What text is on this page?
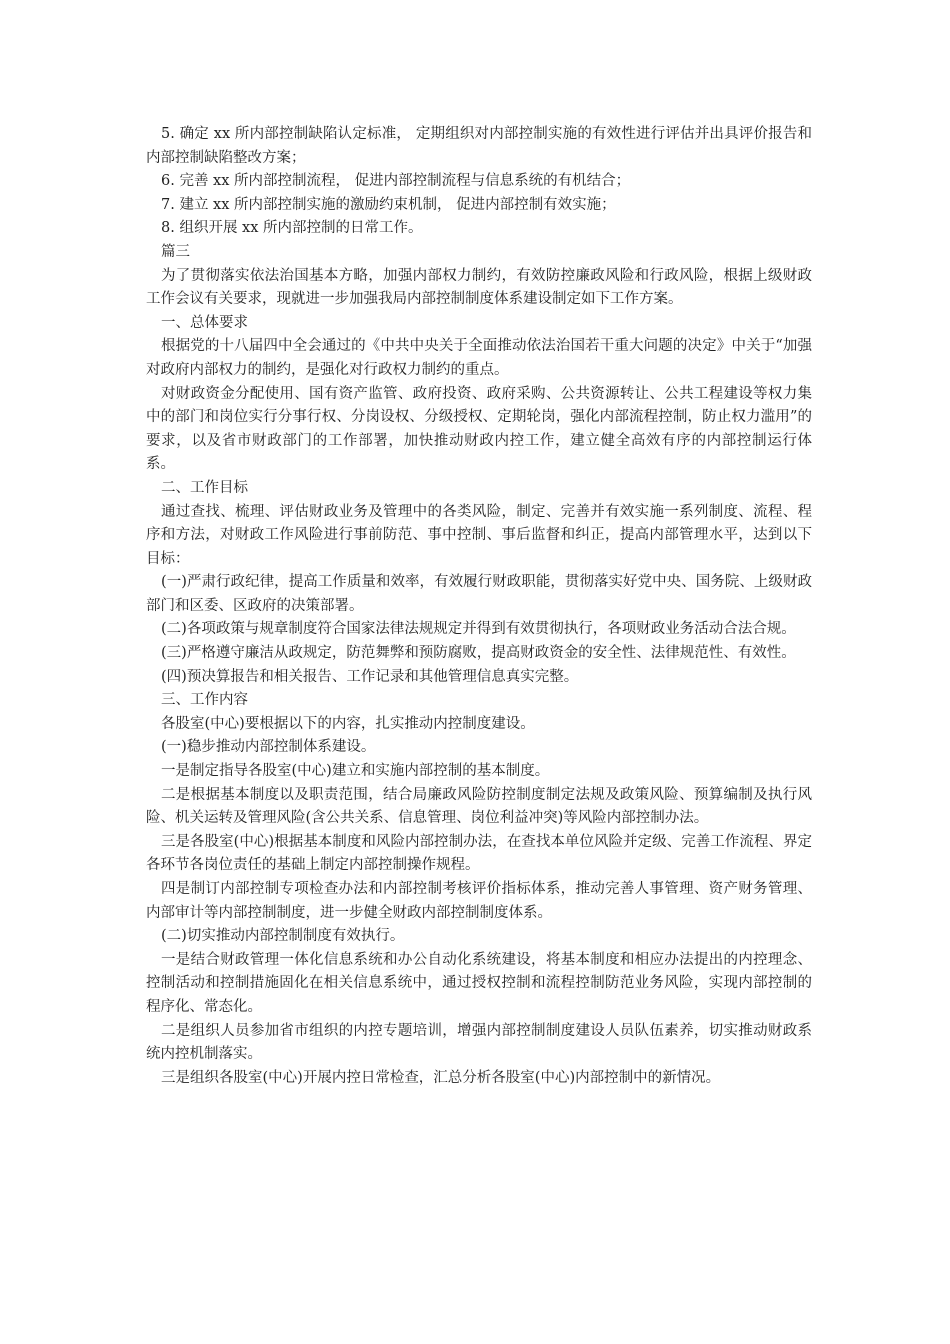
5. 确定 xx 所内部控制缺陷认定标准， 定期组织对内部控制实施的有效性进行评估并出具评价报告和内部控制缺陷整改方案；

6. 完善 xx 所内部控制流程， 促进内部控制流程与信息系统的有机结合；

7. 建立 xx 所内部控制实施的激励约束机制， 促进内部控制有效实施；

8. 组织开展 xx 所内部控制的日常工作。

篇三

为了贯彻落实依法治国基本方略，加强内部权力制约，有效防控廉政风险和行政风险，根据上级财政工作会议有关要求，现就进一步加强我局内部控制制度体系建设制定如下工作方案。

一、总体要求

根据党的十八届四中全会通过的《中共中央关于全面推动依法治国若干重大问题的决定》中关于“加强对政府内部权力的制约，是强化对行政权力制约的重点。

对财政资金分配使用、国有资产监管、政府投资、政府采购、公共资源转让、公共工程建设等权力集中的部门和岗位实行分事行权、分岗设权、分级授权、定期轮岗，强化内部流程控制，防止权力滥用”的要求，以及省市财政部门的工作部署，加快推动财政内控工作，建立健全高效有序的内部控制运行体系。

二、工作目标

通过查找、梳理、评估财政业务及管理中的各类风险，制定、完善并有效实施一系列制度、流程、程序和方法，对财政工作风险进行事前防范、事中控制、事后监督和纠正，提高内部管理水平，达到以下目标：

(一)严肃行政纪律，提高工作质量和效率，有效履行财政职能，贯彻落实好党中央、国务院、上级财政部门和区委、区政府的决策部署。

(二)各项政策与规章制度符合国家法律法规规定并得到有效贯彻执行，各项财政业务活动合法合规。

(三)严格遵守廉洁从政规定，防范舞弊和预防腐败，提高财政资金的安全性、法律规范性、有效性。

(四)预决算报告和相关报告、工作记录和其他管理信息真实完整。

三、工作内容

各股室(中心)要根据以下的内容，扎实推动内控制度建设。

(一)稳步推动内部控制体系建设。

一是制定指导各股室(中心)建立和实施内部控制的基本制度。

二是根据基本制度以及职责范围，结合局廉政风险防控制度制定法规及政策风险、预算编制及执行风险、机关运转及管理风险(含公共关系、信息管理、岗位利益冲突)等风险内部控制办法。

三是各股室(中心)根据基本制度和风险内部控制办法，在查找本单位风险并定级、完善工作流程、界定各环节各岗位责任的基础上制定内部控制操作规程。

四是制订内部控制专项检查办法和内部控制考核评价指标体系，推动完善人事管理、资产财务管理、内部审计等内部控制制度，进一步健全财政内部控制制度体系。

(二)切实推动内部控制制度有效执行。

一是结合财政管理一体化信息系统和办公自动化系统建设，将基本制度和相应办法提出的内控理念、控制活动和控制措施固化在相关信息系统中，通过授权控制和流程控制防范业务风险，实现内部控制的程序化、常态化。

二是组织人员参加省市组织的内控专题培训，增强内部控制制度建设人员队伍素养，切实推动财政系统内控机制落实。

三是组织各股室(中心)开展内控日常检查，汇总分析各股室(中心)内部控制中的新情况。
